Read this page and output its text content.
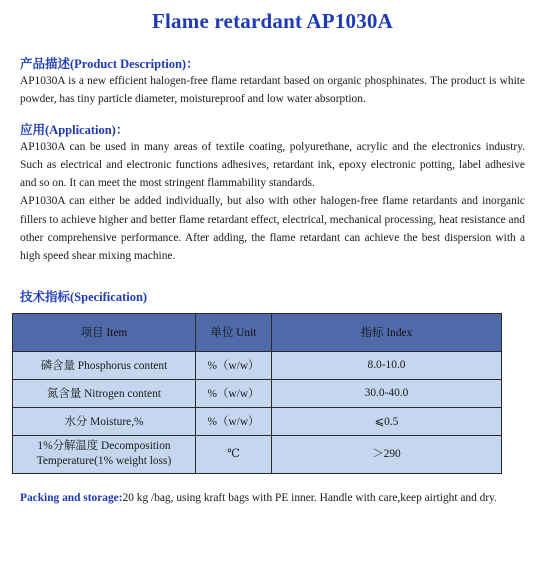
Flame retardant AP1030A

产品描述(Product Description)：

AP1030A is a new efficient halogen-free flame retardant based on organic phosphinates. The product is white powder, has tiny particle diameter, moistureproof and low water absorption.

应用(Application)：

AP1030A can be used in many areas of textile coating, polyurethane, acrylic and the electronics industry. Such as electrical and electronic functions adhesives, retardant ink, epoxy electronic potting, label adhesive and so on. It can meet the most stringent flammability standards.

AP1030A can either be added individually, but also with other halogen-free flame retardants and inorganic fillers to achieve higher and better flame retardant effect, electrical, mechanical processing, heat resistance and other comprehensive performance. After adding, the flame retardant can achieve the best dispersion with a high speed shear mixing machine.

技术指标(Specification)

项目 Item	单位 Unit	指标 Index
磷含量 Phosphorus content	%（w/w）	8.0-10.0
氮含量 Nitrogen content	%（w/w）	30.0-40.0
水分 Moisture,%	%（w/w）	⩽0.5
1%分解温度 Decomposition Temperature(1% weight loss)	℃	＞290

Packing and storage:20 kg /bag, using kraft bags with PE inner. Handle with care,keep airtight and dry.
